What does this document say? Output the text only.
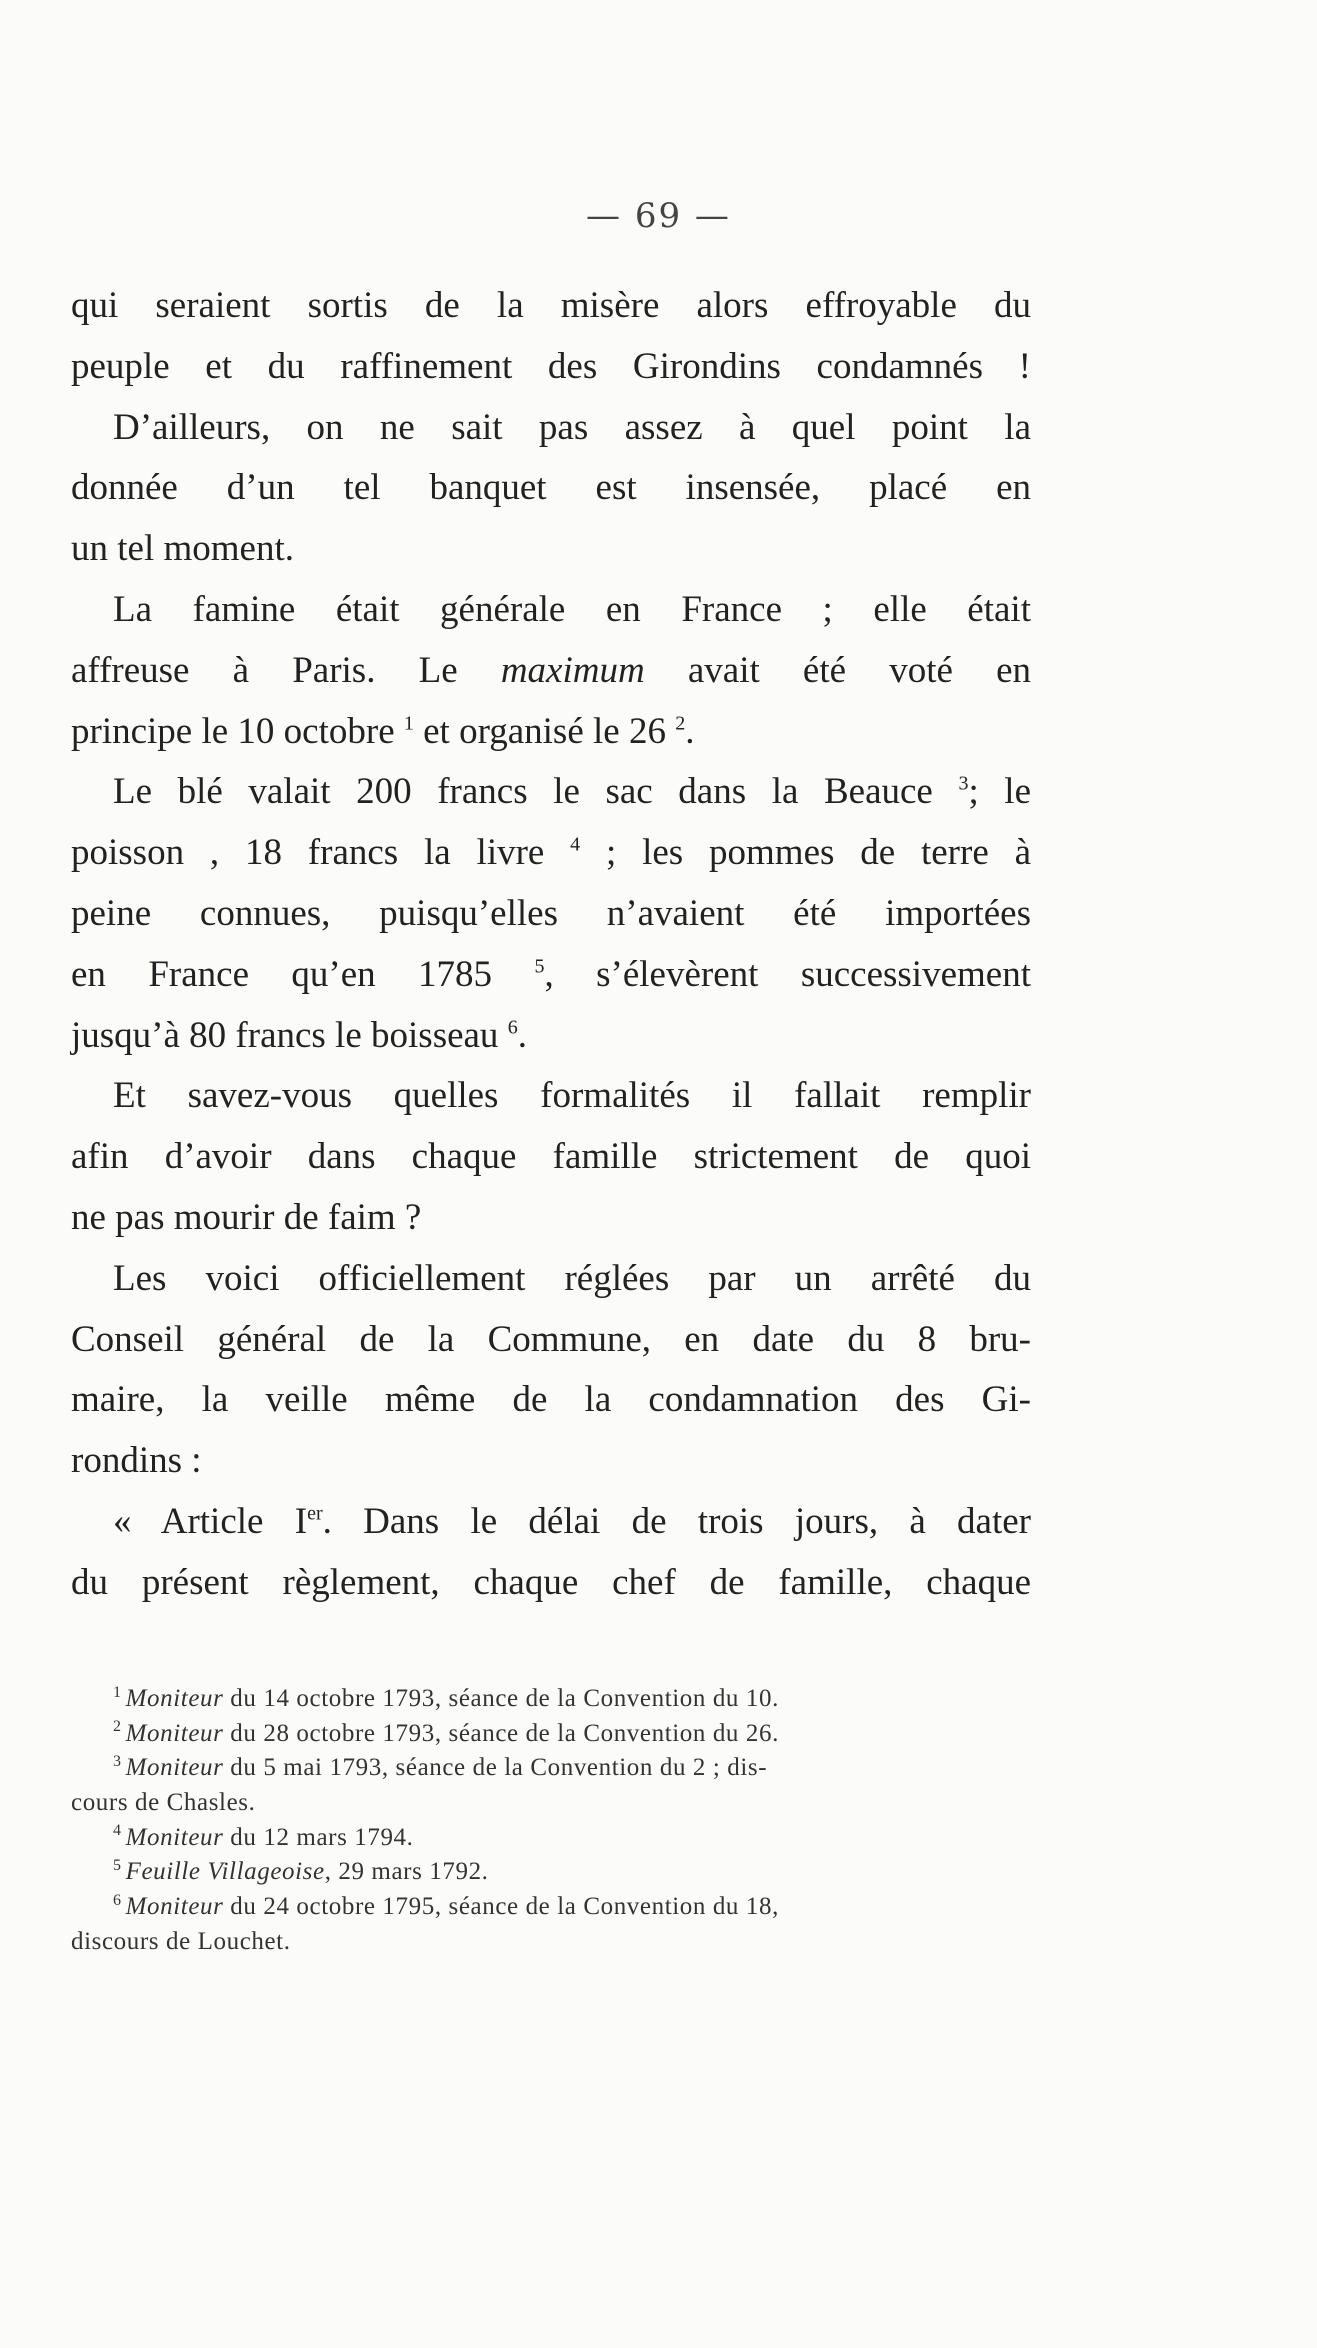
— 69 —
qui seraient sortis de la misère alors effroyable du
peuple et du raffinement des Girondins condamnés !
D’ailleurs, on ne sait pas assez à quel point la
donnée d’un tel banquet est insensée, placé en
un tel moment.
La famine était générale en France ; elle était
affreuse à Paris. Le maximum avait été voté en
principe le 10 octobre $^1$ et organisé le 26 $^2$.
Le blé valait 200 francs le sac dans la Beauce $^3$; le
poisson , 18 francs la livre $^4$ ; les pommes de terre à
peine connues, puisqu’elles n’avaient été importées
en France qu’en 1785 $^5$, s’élevèrent successivement
jusqu’à 80 francs le boisseau $^6$.
Et savez-vous quelles formalités il fallait remplir
afin d’avoir dans chaque famille strictement de quoi
ne pas mourir de faim ?
Les voici officiellement réglées par un arrêté du
Conseil général de la Commune, en date du 8 bru-
maire, la veille même de la condamnation des Gi-
rondins :
« Article Ier. Dans le délai de trois jours, à dater
du présent règlement, chaque chef de famille, chaque
$^1$ Moniteur du 14 octobre 1793, séance de la Convention du 10.
$^2$ Moniteur du 28 octobre 1793, séance de la Convention du 26.
$^3$ Moniteur du 5 mai 1793, séance de la Convention du 2 ; dis-
cours de Chasles.
$^4$ Moniteur du 12 mars 1794.
$^5$ Feuille Villageoise, 29 mars 1792.
$^6$ Moniteur du 24 octobre 1795, séance de la Convention du 18,
discours de Louchet.
